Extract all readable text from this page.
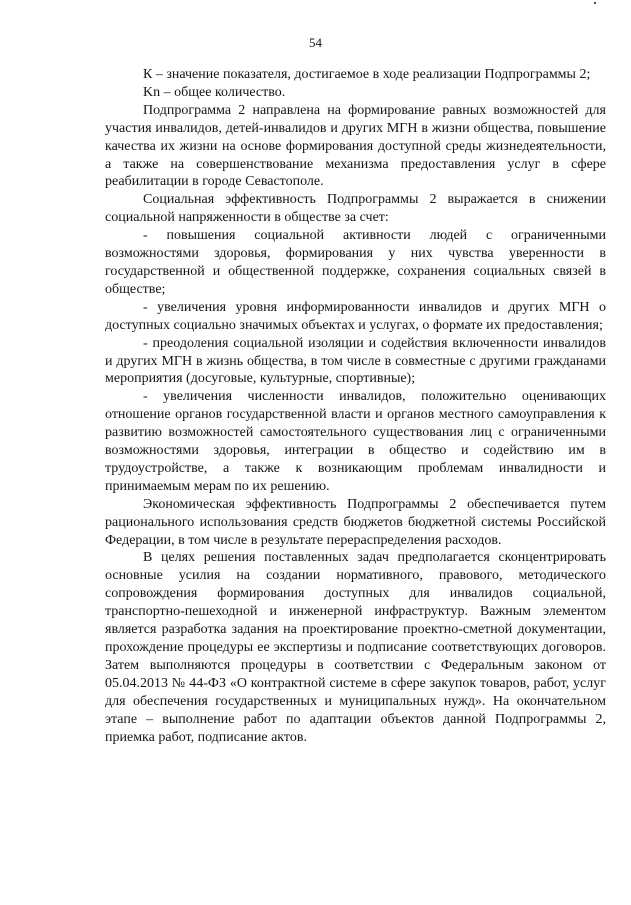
54

К – значение показателя, достигаемое в ходе реализации Подпрограммы 2;

Kn – общее количество.

Подпрограмма 2 направлена на формирование равных возможностей для участия инвалидов, детей-инвалидов и других МГН в жизни общества, повышение качества их жизни на основе формирования доступной среды жизнедеятельности, а также на совершенствование механизма предоставления услуг в сфере реабилитации в городе Севастополе.

Социальная эффективность Подпрограммы 2 выражается в снижении социальной напряженности в обществе за счет:

- повышения социальной активности людей с ограниченными возможностями здоровья, формирования у них чувства уверенности в государственной и общественной поддержке, сохранения социальных связей в обществе;

- увеличения уровня информированности инвалидов и других МГН о доступных социально значимых объектах и услугах, о формате их предоставления;

- преодоления социальной изоляции и содействия включенности инвалидов и других МГН в жизнь общества, в том числе в совместные с другими гражданами мероприятия (досуговые, культурные, спортивные);

- увеличения численности инвалидов, положительно оценивающих отношение органов государственной власти и органов местного самоуправления к развитию возможностей самостоятельного существования лиц с ограниченными возможностями здоровья, интеграции в общество и содействию им в трудоустройстве, а также к возникающим проблемам инвалидности и принимаемым мерам по их решению.

Экономическая эффективность Подпрограммы 2 обеспечивается путем рационального использования средств бюджетов бюджетной системы Российской Федерации, в том числе в результате перераспределения расходов.

В целях решения поставленных задач предполагается сконцентрировать основные усилия на создании нормативного, правового, методического сопровождения формирования доступных для инвалидов социальной, транспортно-пешеходной и инженерной инфраструктур. Важным элементом является разработка задания на проектирование проектно-сметной документации, прохождение процедуры ее экспертизы и подписание соответствующих договоров. Затем выполняются процедуры в соответствии с Федеральным законом от 05.04.2013 № 44-ФЗ «О контрактной системе в сфере закупок товаров, работ, услуг для обеспечения государственных и муниципальных нужд». На окончательном этапе – выполнение работ по адаптации объектов данной Подпрограммы 2, приемка работ, подписание актов.
